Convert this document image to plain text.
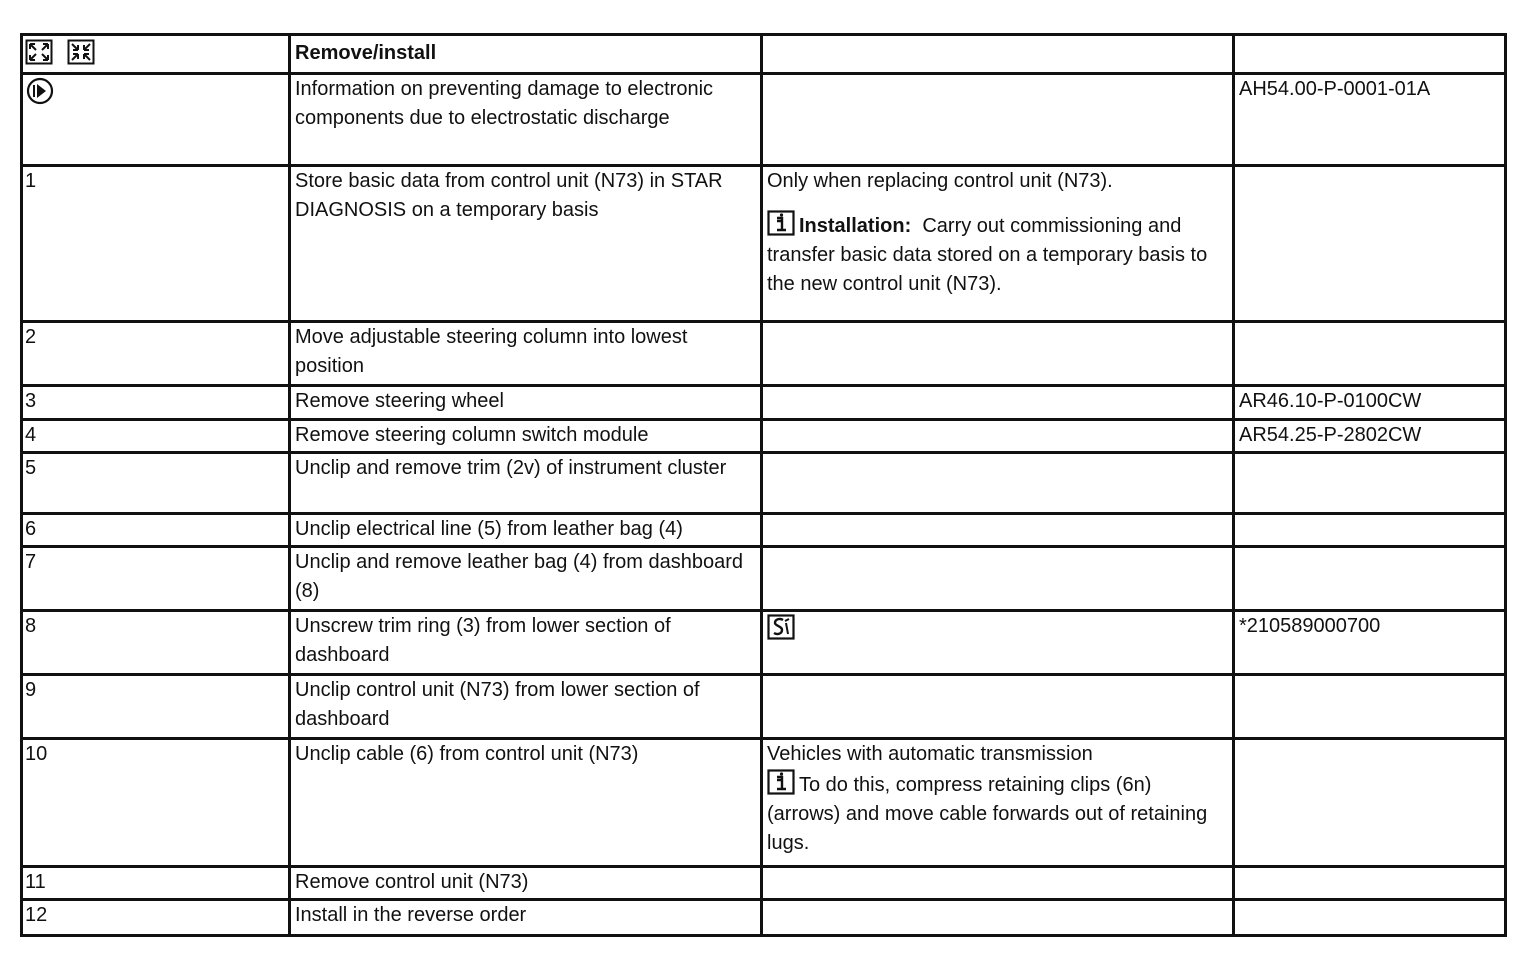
	Remove/install		

	Information on preventing damage to electronic components due to electrostatic discharge		AH54.00-P-0001-01A
1	Store basic data from control unit (N73) in STAR DIAGNOSIS on a temporary basis	Only when replacing control unit (N73).
Installation: Carry out commissioning and transfer basic data stored on a temporary basis to the new control unit (N73).	
2	Move adjustable steering column into lowest position		
3	Remove steering wheel		AR46.10-P-0100CW
4	Remove steering column switch module		AR54.25-P-2802CW
5	Unclip and remove trim (2v) of instrument cluster		
6	Unclip electrical line (5) from leather bag (4)		
7	Unclip and remove leather bag (4) from dashboard (8)		
8	Unscrew trim ring (3) from lower section of dashboard		*210589000700
9	Unclip control unit (N73) from lower section of dashboard		
10	Unclip cable (6) from control unit (N73)	Vehicles with automatic transmission

To do this, compress retaining clips (6n) (arrows) and move cable forwards out of retaining lugs.	
11	Remove control unit (N73)		
12	Install in the reverse order		
